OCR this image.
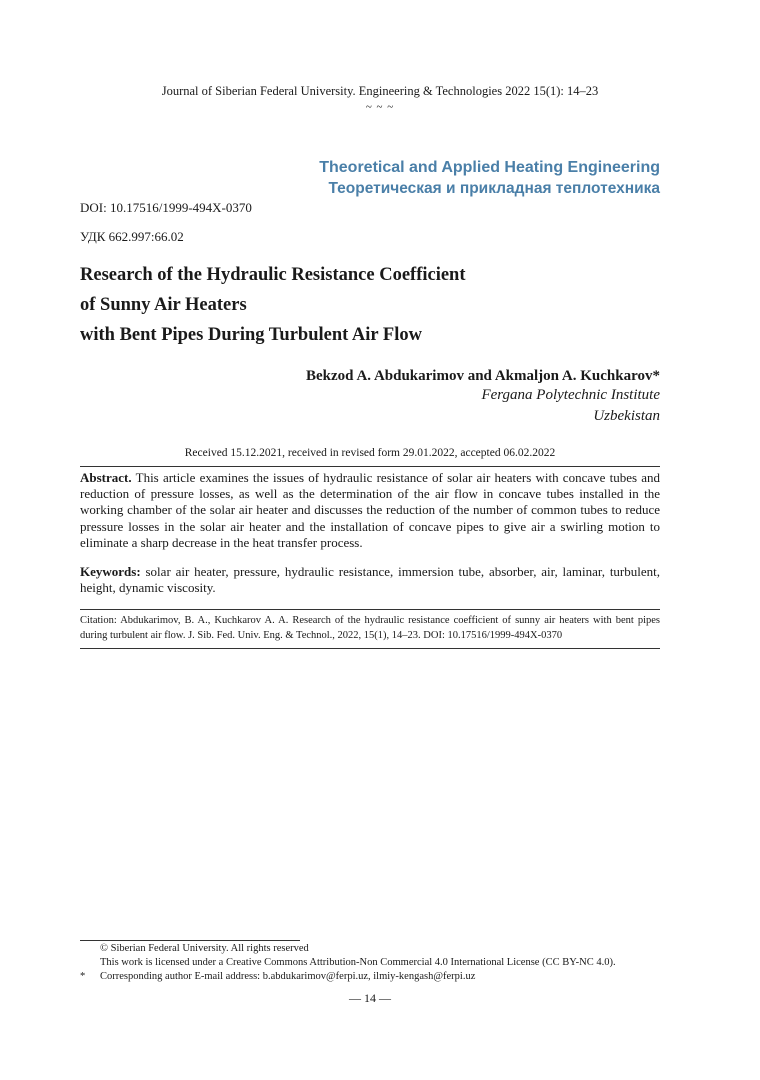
Journal of Siberian Federal University. Engineering & Technologies 2022 15(1): 14–23
~ ~ ~
Theoretical and Applied Heating Engineering
Теоретическая и прикладная теплотехника
DOI: 10.17516/1999-494X-0370
УДК 662.997:66.02
Research of the Hydraulic Resistance Coefficient
of Sunny Air Heaters
with Bent Pipes During Turbulent Air Flow
Bekzod A. Abdukarimov and Akmaljon A. Kuchkarov*
Fergana Polytechnic Institute
Uzbekistan
Received 15.12.2021, received in revised form 29.01.2022, accepted 06.02.2022
Abstract. This article examines the issues of hydraulic resistance of solar air heaters with concave tubes and reduction of pressure losses, as well as the determination of the air flow in concave tubes installed in the working chamber of the solar air heater and discusses the reduction of the number of common tubes to reduce pressure losses in the solar air heater and the installation of concave pipes to give air a swirling motion to eliminate a sharp decrease in the heat transfer process.
Keywords: solar air heater, pressure, hydraulic resistance, immersion tube, absorber, air, laminar, turbulent, height, dynamic viscosity.
Citation: Abdukarimov, B. A., Kuchkarov A. A. Research of the hydraulic resistance coefficient of sunny air heaters with bent pipes during turbulent air flow. J. Sib. Fed. Univ. Eng. & Technol., 2022, 15(1), 14–23. DOI: 10.17516/1999-494X-0370
© Siberian Federal University. All rights reserved
This work is licensed under a Creative Commons Attribution-Non Commercial 4.0 International License (CC BY-NC 4.0).
* Corresponding author E-mail address: b.abdukarimov@ferpi.uz, ilmiy-kengash@ferpi.uz
— 14 —
